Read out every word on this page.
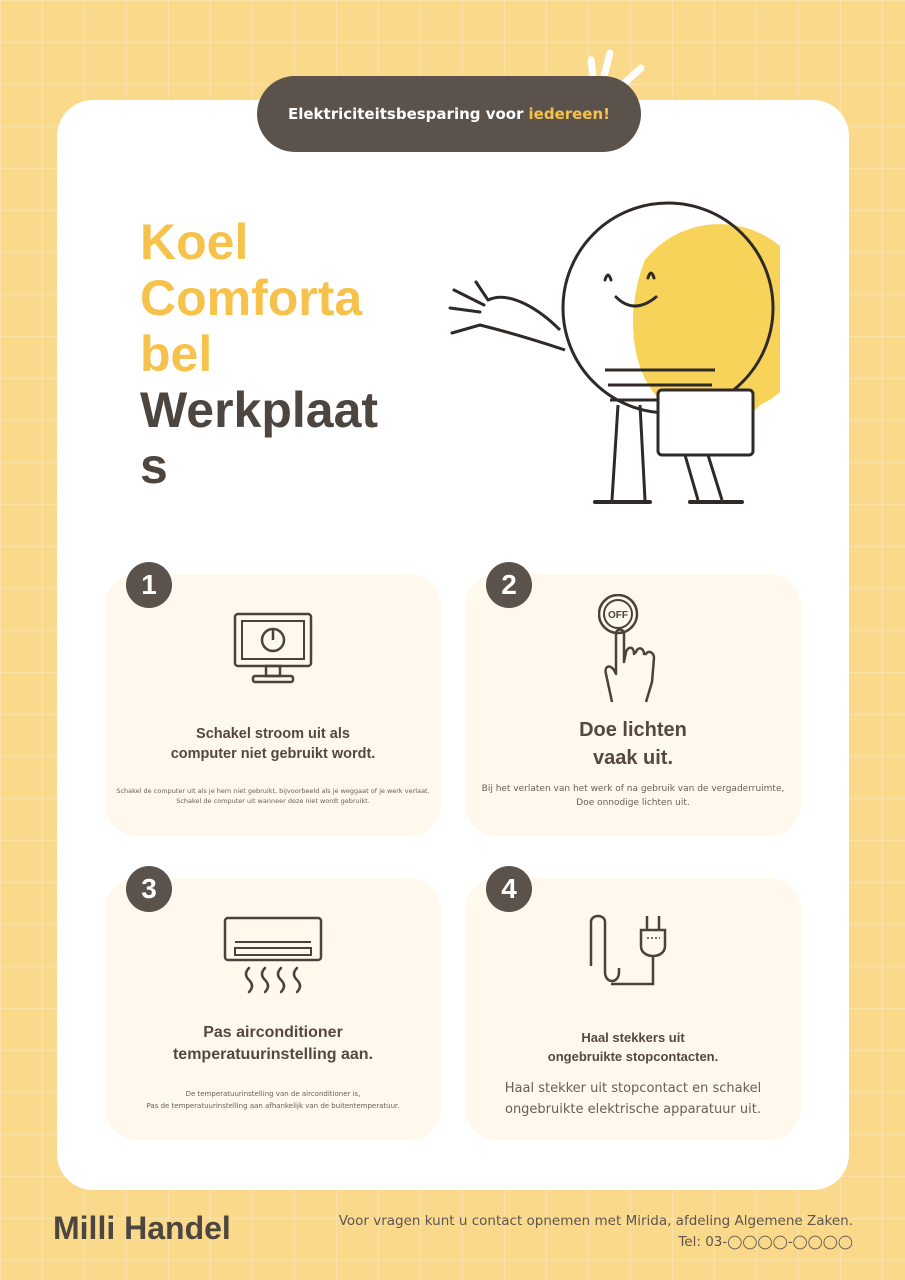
Elektriciteitsbesparing voor iedereen!
Koel
Comforta
bel
Werkplaat
s
Schakel stroom uit als
computer niet gebruikt wordt.
Schakel de computer uit als je hem niet gebruikt, bijvoorbeeld als je weggaat of je werk verlaat.
Schakel de computer uit wanneer deze niet wordt gebruikt.
1
OFF
Doe lichten
vaak uit.
Bij het verlaten van het werk of na gebruik van de vergaderruimte,
Doe onnodige lichten uit.
2
Pas airconditioner
temperatuurinstelling aan.
De temperatuurinstelling van de airconditioner is,
Pas de temperatuurinstelling aan afhankelijk van de buitentemperatuur.
3
Haal stekkers uit
ongebruikte stopcontacten.
Haal stekker uit stopcontact en schakel
ongebruikte elektrische apparatuur uit.
4
Milli Handel	Voor vragen kunt u contact opnemen met Mirida, afdeling Algemene Zaken.
Tel: 03-◯◯◯◯-◯◯◯◯
